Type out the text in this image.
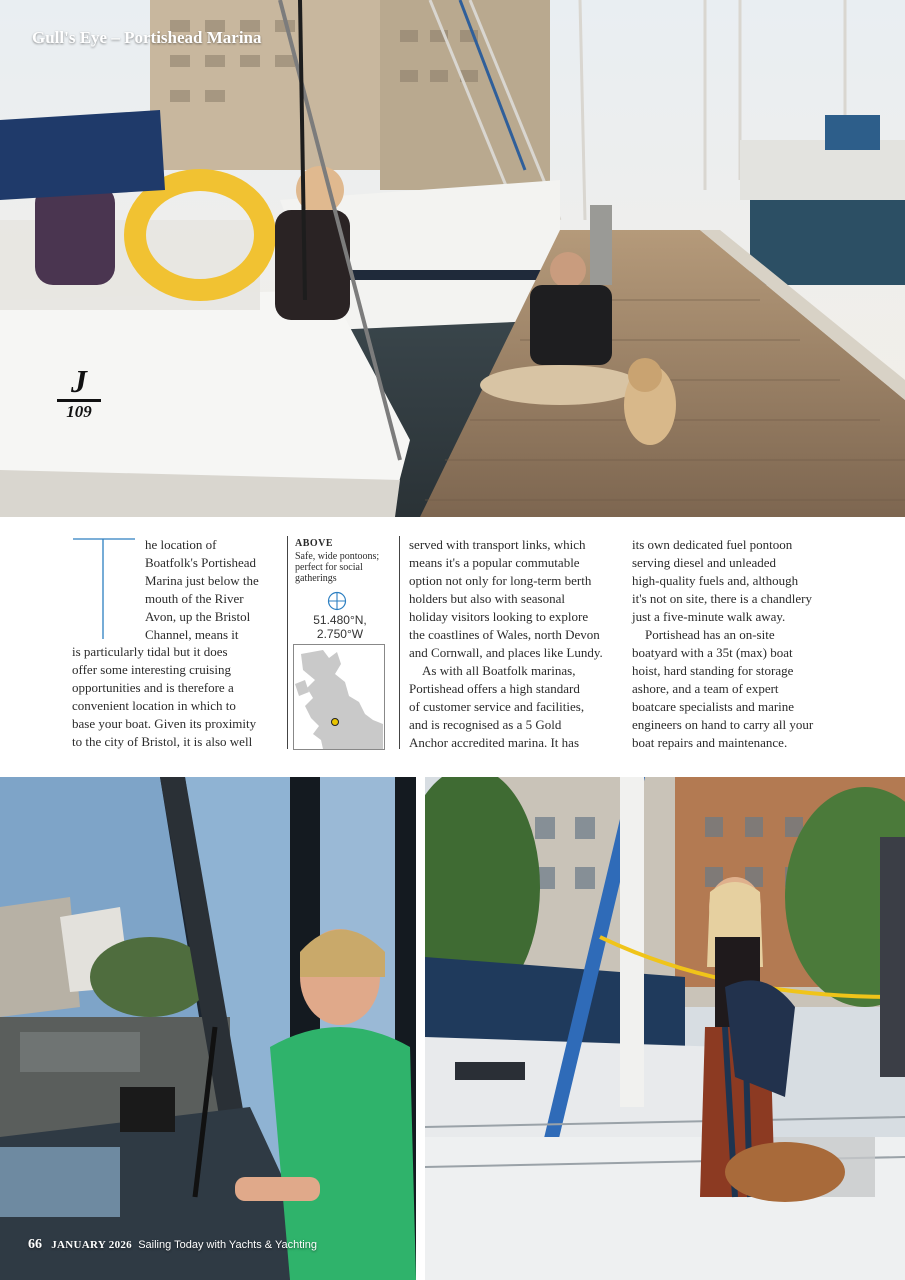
J
109
Gull's Eye – Portishead Marina
he location of
Boatfolk's Portishead
Marina just below the
mouth of the River
Avon, up the Bristol
Channel, means it
is particularly tidal but it does
offer some interesting cruising
opportunities and is therefore a
convenient location in which to
base your boat. Given its proximity
to the city of Bristol, it is also well
ABOVE
Safe, wide pontoons; perfect for social gatherings
51.480°N,
2.750°W
served with transport links, which
means it's a popular commutable
option not only for long-term berth
holders but also with seasonal
holiday visitors looking to explore
the coastlines of Wales, north Devon
and Cornwall, and places like Lundy.
As with all Boatfolk marinas,
Portishead offers a high standard
of customer service and facilities,
and is recognised as a 5 Gold
Anchor accredited marina. It has
its own dedicated fuel pontoon
serving diesel and unleaded
high-quality fuels and, although
it's not on site, there is a chandlery
just a five-minute walk away.
Portishead has an on-site
boatyard with a 35t (max) boat
hoist, hard standing for storage
ashore, and a team of expert
boatcare specialists and marine
engineers on hand to carry all your
boat repairs and maintenance.
66 JANUARY 2026 Sailing Today with Yachts & Yachting
